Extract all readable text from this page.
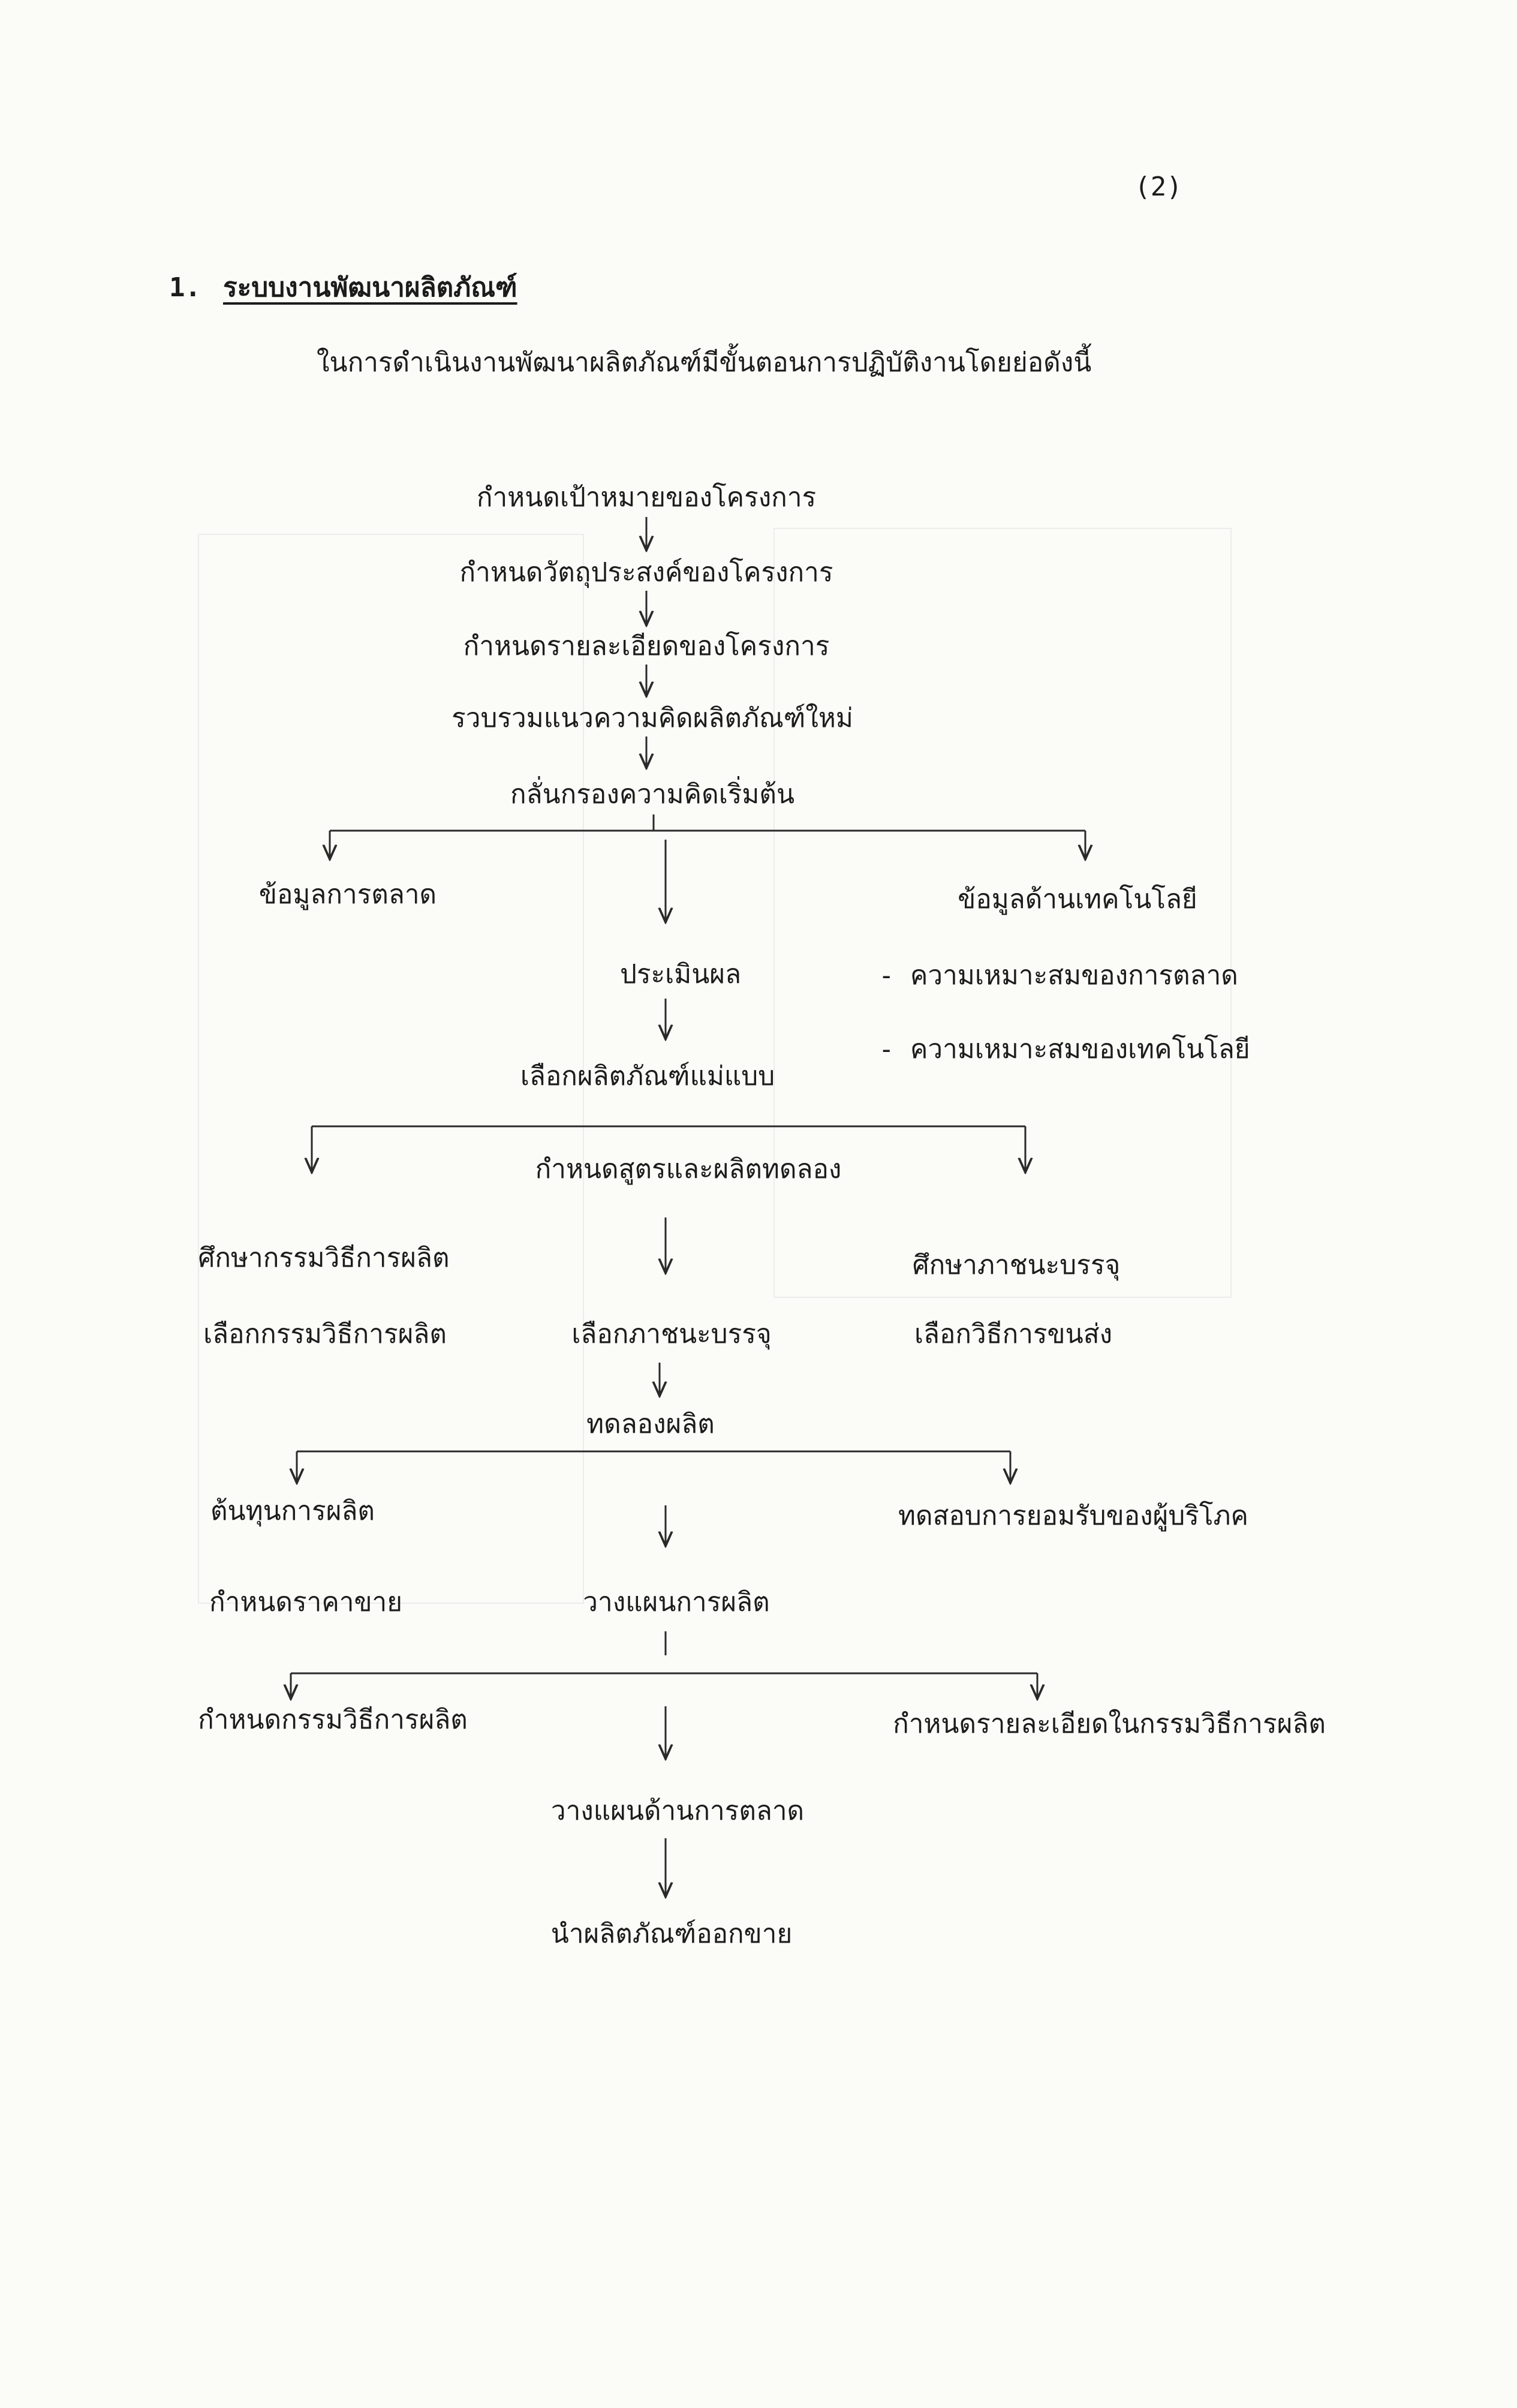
(2)
1. ระบบงานพัฒนาผลิตภัณฑ์
ในการดำเนินงานพัฒนาผลิตภัณฑ์มีขั้นตอนการปฏิบัติงานโดยย่อดังนี้
กำหนดเป้าหมายของโครงการ
กำหนดวัตถุประสงค์ของโครงการ
กำหนดรายละเอียดของโครงการ
รวบรวมแนวความคิดผลิตภัณฑ์ใหม่
กลั่นกรองความคิดเริ่มต้น
ข้อมูลการตลาด	ข้อมูลด้านเทคโนโลยี
ประเมินผล	- ความเหมาะสมของการตลาด
- ความเหมาะสมของเทคโนโลยี
เลือกผลิตภัณฑ์แม่แบบ
กำหนดสูตรและผลิตทดลอง
ศึกษากรรมวิธีการผลิต
เลือกกรรมวิธีการผลิต	เลือกภาชนะบรรจุ
ศึกษาภาชนะบรรจุ
เลือกวิธีการขนส่ง
ทดลองผลิต
ต้นทุนการผลิต
กำหนดราคาขาย
ทดสอบการยอมรับของผู้บริโภค
วางแผนการผลิต
กำหนดกรรมวิธีการผลิต	กำหนดรายละเอียดในกรรมวิธีการผลิต
วางแผนด้านการตลาด
นำผลิตภัณฑ์ออกขาย
